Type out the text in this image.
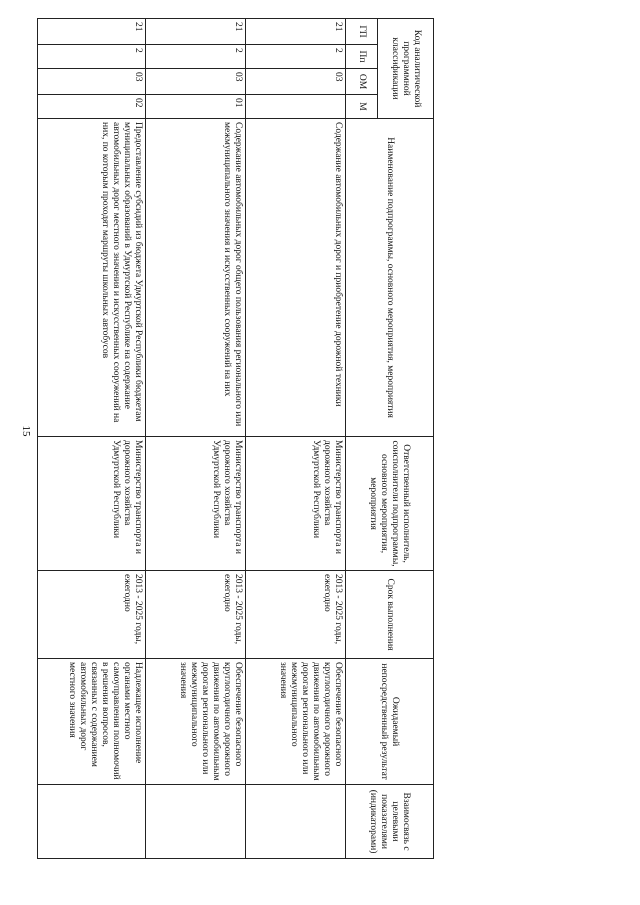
15
Код аналитической программной классификации				Наименование подпрограммы, основного мероприятия, мероприятия	Ответственный исполнитель, соисполнители подпрограммы, основного мероприятия, мероприятия	Срок выполнения	Ожидаемый непосредственный результат	Взаимосвязь с целевыми показателями (индикаторами)
ГП	Пп	ОМ	М					
21	2	03		Содержание автомобильных дорог и приобретение дорожной техники	Министерство транспорта и дорожного хозяйства Удмуртской Республики	2013 - 2025 годы, ежегодно	Обеспечение безопасного круглогодичного дорожного движения по автомобильным дорогам регионального или межмуниципального значения	
21	2	03	01	Содержание автомобильных дорог общего пользования регионального или межмуниципального значения и искусственных сооружений на них	Министерство транспорта и дорожного хозяйства Удмуртской Республики	2013 - 2025 годы, ежегодно	Обеспечение безопасного круглогодичного дорожного движения по автомобильным дорогам регионального или межмуниципального значения	
21	2	03	02	Предоставление субсидий из бюджета Удмуртской Республики бюджетам муниципальных образований в Удмуртской Республике на содержание автомобильных дорог местного значения и искусственных сооружений на них, по которым проходят маршруты школьных автобусов	Министерство транспорта и дорожного хозяйства Удмуртской Республики	2013 - 2025 годы, ежегодно	Надлежащее исполнение органами местного самоуправления полномочий в решении вопросов, связанных с содержанием автомобильных дорог местного значения	
